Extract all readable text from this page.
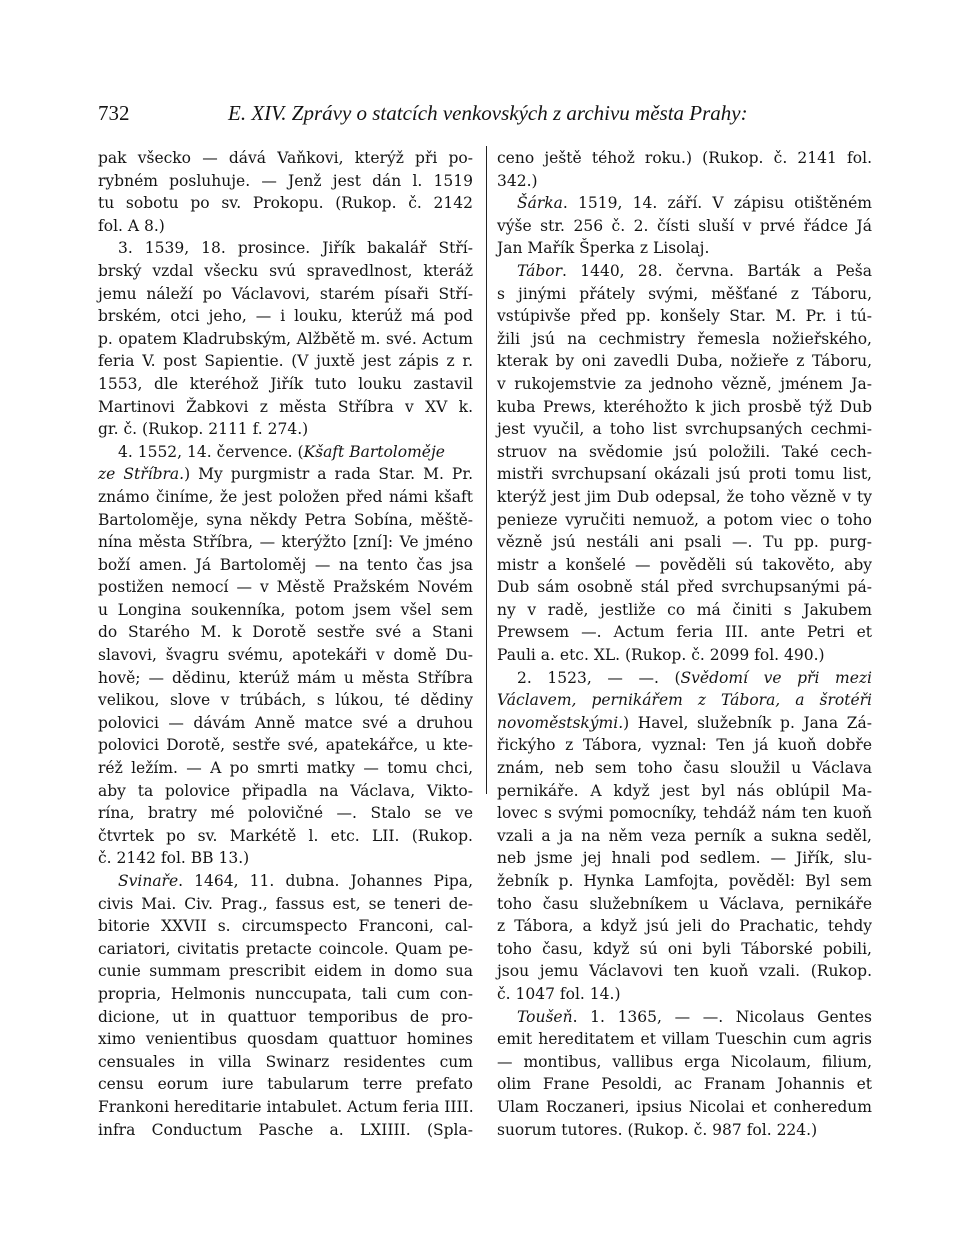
732	E. XIV. Zprávy o statcích venkovských z archivu města Prahy:
pak všecko — dává Vaňkovi, kterýž při po-
rybném posluhuje. — Jenž jest dán l. 1519
tu sobotu po sv. Prokopu. (Rukop. č. 2142
fol. A 8.)
3. 1539, 18. prosince. Jiřík bakalář Stří-
brský vzdal všecku svú spravedlnost, kteráž
jemu náleží po Václavovi, starém písaři Stří-
brském, otci jeho, — i louku, kterúž má pod
p. opatem Kladrubským, Alžbětě m. své. Actum
feria V. post Sapientie. (V juxtě jest zápis z r.
1553, dle kteréhož Jiřík tuto louku zastavil
Martinovi Žabkovi z města Stříbra v XV k.
gr. č. (Rukop. 2111 f. 274.)
4. 1552, 14. července. (Kšaft Bartoloměje
ze Stříbra.) My purgmistr a rada Star. M. Pr.
známo činíme, že jest položen před námi kšaft
Bartoloměje, syna někdy Petra Sobína, měště-
nína města Stříbra, — kterýžto [zní]: Ve jméno
boží amen. Já Bartoloměj — na tento čas jsa
postižen nemocí — v Městě Pražském Novém
u Longina soukenníka, potom jsem všel sem
do Starého M. k Dorotě sestře své a Stani
slavovi, švagru svému, apotekáři v domě Du-
hově; — dědinu, kterúž mám u města Stříbra
velikou, slove v trúbách, s lúkou, té dědiny
polovici — dávám Anně matce své a druhou
polovici Dorotě, sestře své, apatekářce, u kte-
réž ležím. — A po smrti matky — tomu chci,
aby ta polovice připadla na Václava, Vikto-
rína, bratry mé polovičné —. Stalo se ve
čtvrtek po sv. Markétě l. etc. LII. (Rukop.
č. 2142 fol. BB 13.)
Svinaře. 1464, 11. dubna. Johannes Pipa,
civis Mai. Civ. Prag., fassus est, se teneri de-
bitorie XXVII s. circumspecto Franconi, cal-
cariatori, civitatis pretacte coincole. Quam pe-
cunie summam prescribit eidem in domo sua
propria, Helmonis nunccupata, tali cum con-
dicione, ut in quattuor temporibus de pro-
ximo venientibus quosdam quattuor homines
censuales in villa Swinarz residentes cum
censu eorum iure tabularum terre prefato
Frankoni hereditarie intabulet. Actum feria IIII.
infra Conductum Pasche a. LXIIII. (Spla-
ceno ještě téhož roku.) (Rukop. č. 2141 fol.
342.)
Šárka. 1519, 14. září. V zápisu otištěném
výše str. 256 č. 2. čísti sluší v prvé řádce Já
Jan Mařík Šperka z Lisolaj.
Tábor. 1440, 28. června. Barták a Peša
s jinými přátely svými, měšťané z Táboru,
vstúpivše před pp. konšely Star. M. Pr. i tú-
žili jsú na cechmistry řemesla nožieřského,
kterak by oni zavedli Duba, nožieře z Táboru,
v rukojemstvie za jednoho vězně, jménem Ja-
kuba Prews, kteréhožto k jich prosbě týž Dub
jest vyučil, a toho list svrchupsaných cechmi-
struov na svědomie jsú položili. Také cech-
mistři svrchupsaní okázali jsú proti tomu list,
kterýž jest jim Dub odepsal, že toho vězně v ty
penieze vyručiti nemuož, a potom viec o toho
vězně jsú nestáli ani psali —. Tu pp. purg-
mistr a konšelé — pověděli sú takověto, aby
Dub sám osobně stál před svrchupsanými pá-
ny v radě, jestliže co má činiti s Jakubem
Prewsem —. Actum feria III. ante Petri et
Pauli a. etc. XL. (Rukop. č. 2099 fol. 490.)
2. 1523, — —. (Svědomí ve při mezi
Václavem, pernikářem z Tábora, a šrotéři
novoměstskými.) Havel, služebník p. Jana Zá-
řickýho z Tábora, vyznal: Ten já kuoň dobře
znám, neb sem toho času sloužil u Václava
pernikáře. A když jest byl nás oblúpil Ma-
lovec s svými pomocníky, tehdáž nám ten kuoň
vzali a ja na něm veza perník a sukna seděl,
neb jsme jej hnali pod sedlem. — Jiřík, slu-
žebník p. Hynka Lamfojta, pověděl: Byl sem
toho času služebníkem u Václava, pernikáře
z Tábora, a když jsú jeli do Prachatic, tehdy
toho času, když sú oni byli Táborské pobili,
jsou jemu Václavovi ten kuoň vzali. (Rukop.
č. 1047 fol. 14.)
Toušeň. 1. 1365, — —. Nicolaus Gentes
emit hereditatem et villam Tueschin cum agris
— montibus, vallibus erga Nicolaum, filium,
olim Frane Pesoldi, ac Franam Johannis et
Ulam Roczaneri, ipsius Nicolai et conheredum
suorum tutores. (Rukop. č. 987 fol. 224.)
